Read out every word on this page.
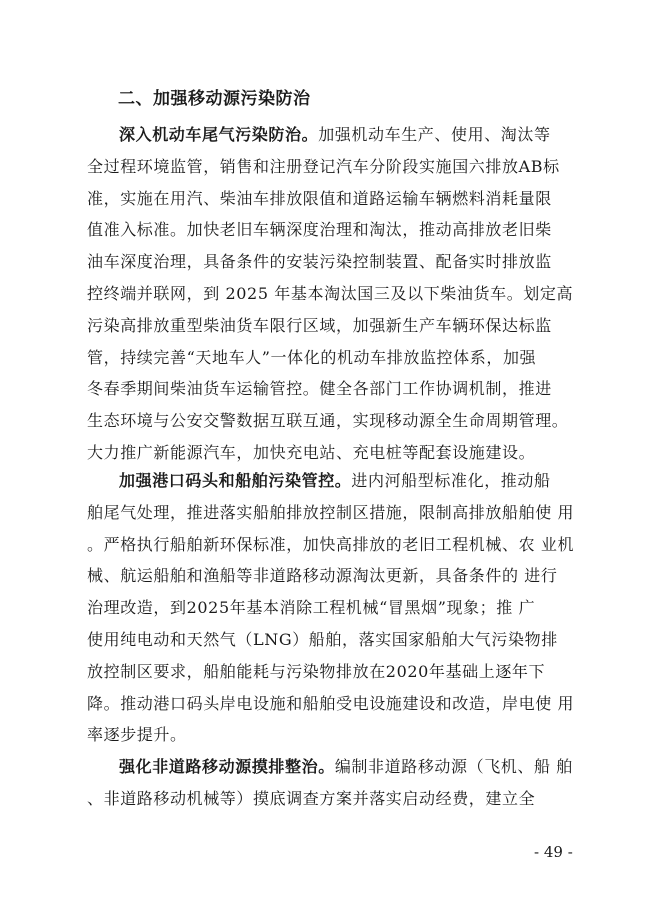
二、加强移动源污染防治
深入机动车尾气污染防治。加强机动车生产、使用、淘汰等
全过程环境监管，销售和注册登记汽车分阶段实施国六排放AB标
准，实施在用汽、柴油车排放限值和道路运输车辆燃料消耗量限
值准入标准。加快老旧车辆深度治理和淘汰，推动高排放老旧柴
油车深度治理，具备条件的安装污染控制装置、配备实时排放监
控终端并联网，到 2025 年基本淘汰国三及以下柴油货车。划定高
污染高排放重型柴油货车限行区域，加强新生产车辆环保达标监
管，持续完善“天地车人”一体化的机动车排放监控体系，加强
冬春季期间柴油货车运输管控。健全各部门工作协调机制，推进
生态环境与公安交警数据互联互通，实现移动源全生命周期管理。
大力推广新能源汽车，加快充电站、充电桩等配套设施建设。
加强港口码头和船舶污染管控。进内河船型标准化，推动船
舶尾气处理，推进落实船舶排放控制区措施，限制高排放船舶使 用
。严格执行船舶新环保标准，加快高排放的老旧工程机械、农 业机
械、航运船舶和渔船等非道路移动源淘汰更新，具备条件的 进行
治理改造，到2025年基本消除工程机械“冒黑烟”现象；推 广
使用纯电动和天然气（LNG）船舶，落实国家船舶大气污染物排
放控制区要求，船舶能耗与污染物排放在2020年基础上逐年下
降。推动港口码头岸电设施和船舶受电设施建设和改造，岸电使 用
率逐步提升。
强化非道路移动源摸排整治。编制非道路移动源（飞机、船 舶
、非道路移动机械等）摸底调查方案并落实启动经费，建立全
- 49 -
